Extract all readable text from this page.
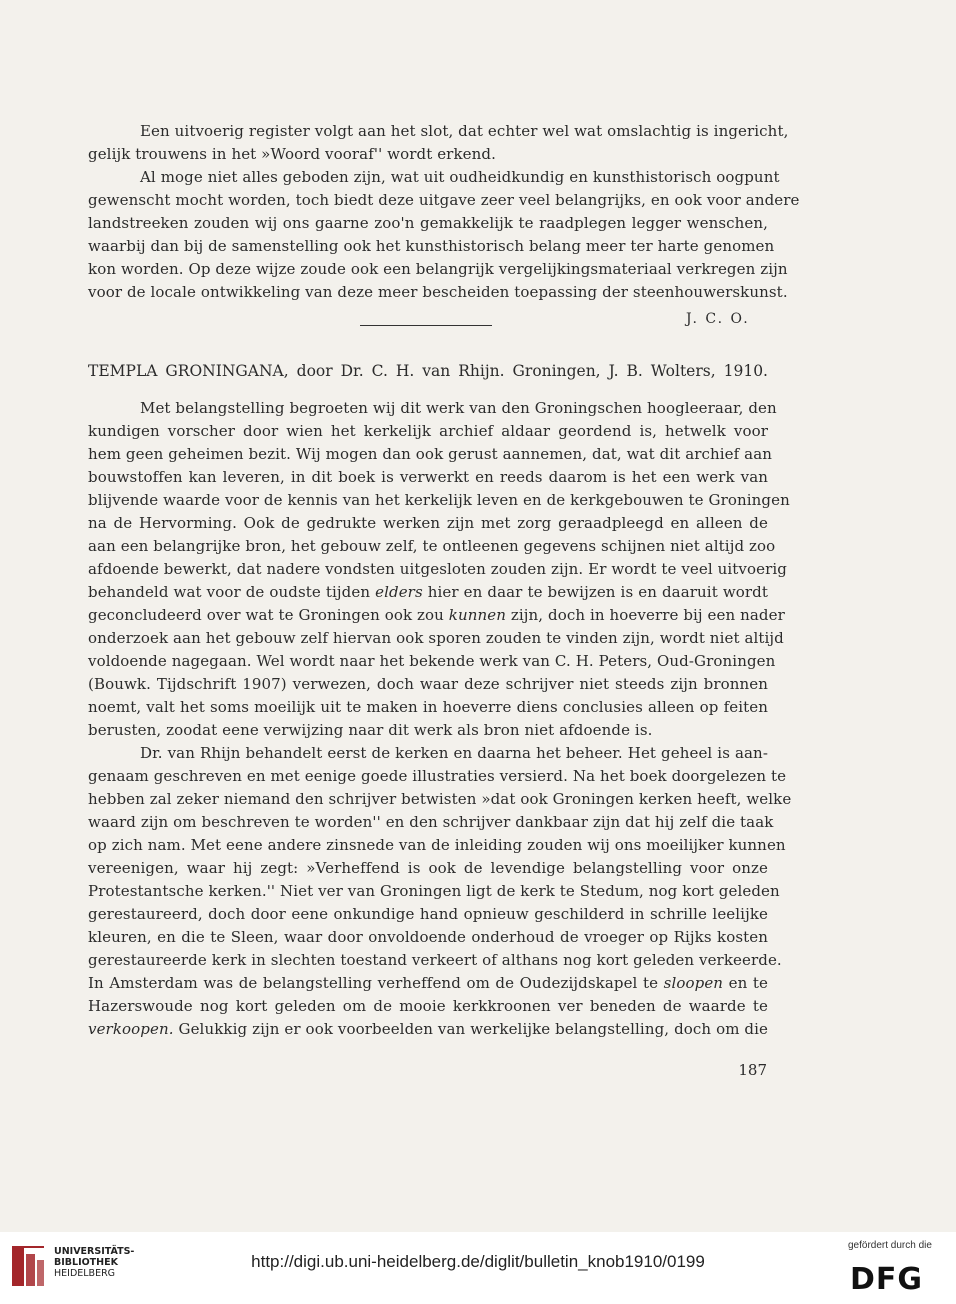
Een uitvoerig register volgt aan het slot, dat echter wel wat omslachtig is ingericht,
gelijk trouwens in het »Woord vooraf'' wordt erkend.
Al moge niet alles geboden zijn, wat uit oudheidkundig en kunsthistorisch oogpunt
gewenscht mocht worden, toch biedt deze uitgave zeer veel belangrijks, en ook voor andere
landstreeken zouden wij ons gaarne zoo'n gemakkelijk te raadplegen legger wenschen,
waarbij dan bij de samenstelling ook het kunsthistorisch belang meer ter harte genomen
kon worden. Op deze wijze zoude ook een belangrijk vergelijkingsmateriaal verkregen zijn
voor de locale ontwikkeling van deze meer bescheiden toepassing der steenhouwerskunst.
J. C. O.
TEMPLA GRONINGANA, door Dr. C. H. van Rhijn. Groningen, J. B. Wolters, 1910.
Met belangstelling begroeten wij dit werk van den Groningschen hoogleeraar, den
kundigen vorscher door wien het kerkelijk archief aldaar geordend is, hetwelk voor
hem geen geheimen bezit. Wij mogen dan ook gerust aannemen, dat, wat dit archief aan
bouwstoffen kan leveren, in dit boek is verwerkt en reeds daarom is het een werk van
blijvende waarde voor de kennis van het kerkelijk leven en de kerkgebouwen te Groningen
na de Hervorming. Ook de gedrukte werken zijn met zorg geraadpleegd en alleen de
aan een belangrijke bron, het gebouw zelf, te ontleenen gegevens schijnen niet altijd zoo
afdoende bewerkt, dat nadere vondsten uitgesloten zouden zijn. Er wordt te veel uitvoerig
behandeld wat voor de oudste tijden elders hier en daar te bewijzen is en daaruit wordt
geconcludeerd over wat te Groningen ook zou kunnen zijn, doch in hoeverre bij een nader
onderzoek aan het gebouw zelf hiervan ook sporen zouden te vinden zijn, wordt niet altijd
voldoende nagegaan. Wel wordt naar het bekende werk van C. H. Peters, Oud-Groningen
(Bouwk. Tijdschrift 1907) verwezen, doch waar deze schrijver niet steeds zijn bronnen
noemt, valt het soms moeilijk uit te maken in hoeverre diens conclusies alleen op feiten
berusten, zoodat eene verwijzing naar dit werk als bron niet afdoende is.
Dr. van Rhijn behandelt eerst de kerken en daarna het beheer. Het geheel is aan-
genaam geschreven en met eenige goede illustraties versierd. Na het boek doorgelezen te
hebben zal zeker niemand den schrijver betwisten »dat ook Groningen kerken heeft, welke
waard zijn om beschreven te worden'' en den schrijver dankbaar zijn dat hij zelf die taak
op zich nam. Met eene andere zinsnede van de inleiding zouden wij ons moeilijker kunnen
vereenigen, waar hij zegt: »Verheffend is ook de levendige belangstelling voor onze
Protestantsche kerken.'' Niet ver van Groningen ligt de kerk te Stedum, nog kort geleden
gerestaureerd, doch door eene onkundige hand opnieuw geschilderd in schrille leelijke
kleuren, en die te Sleen, waar door onvoldoende onderhoud de vroeger op Rijks kosten
gerestaureerde kerk in slechten toestand verkeert of althans nog kort geleden verkeerde.
In Amsterdam was de belangstelling verheffend om de Oudezijdskapel te sloopen en te
Hazerswoude nog kort geleden om de mooie kerkkroonen ver beneden de waarde te
verkoopen. Gelukkig zijn er ook voorbeelden van werkelijke belangstelling, doch om die
187
UNIVERSITÄTS-
BIBLIOTHEK
HEIDELBERG
http://digi.ub.uni-heidelberg.de/diglit/bulletin_knob1910/0199
gefördert durch die
DFG
